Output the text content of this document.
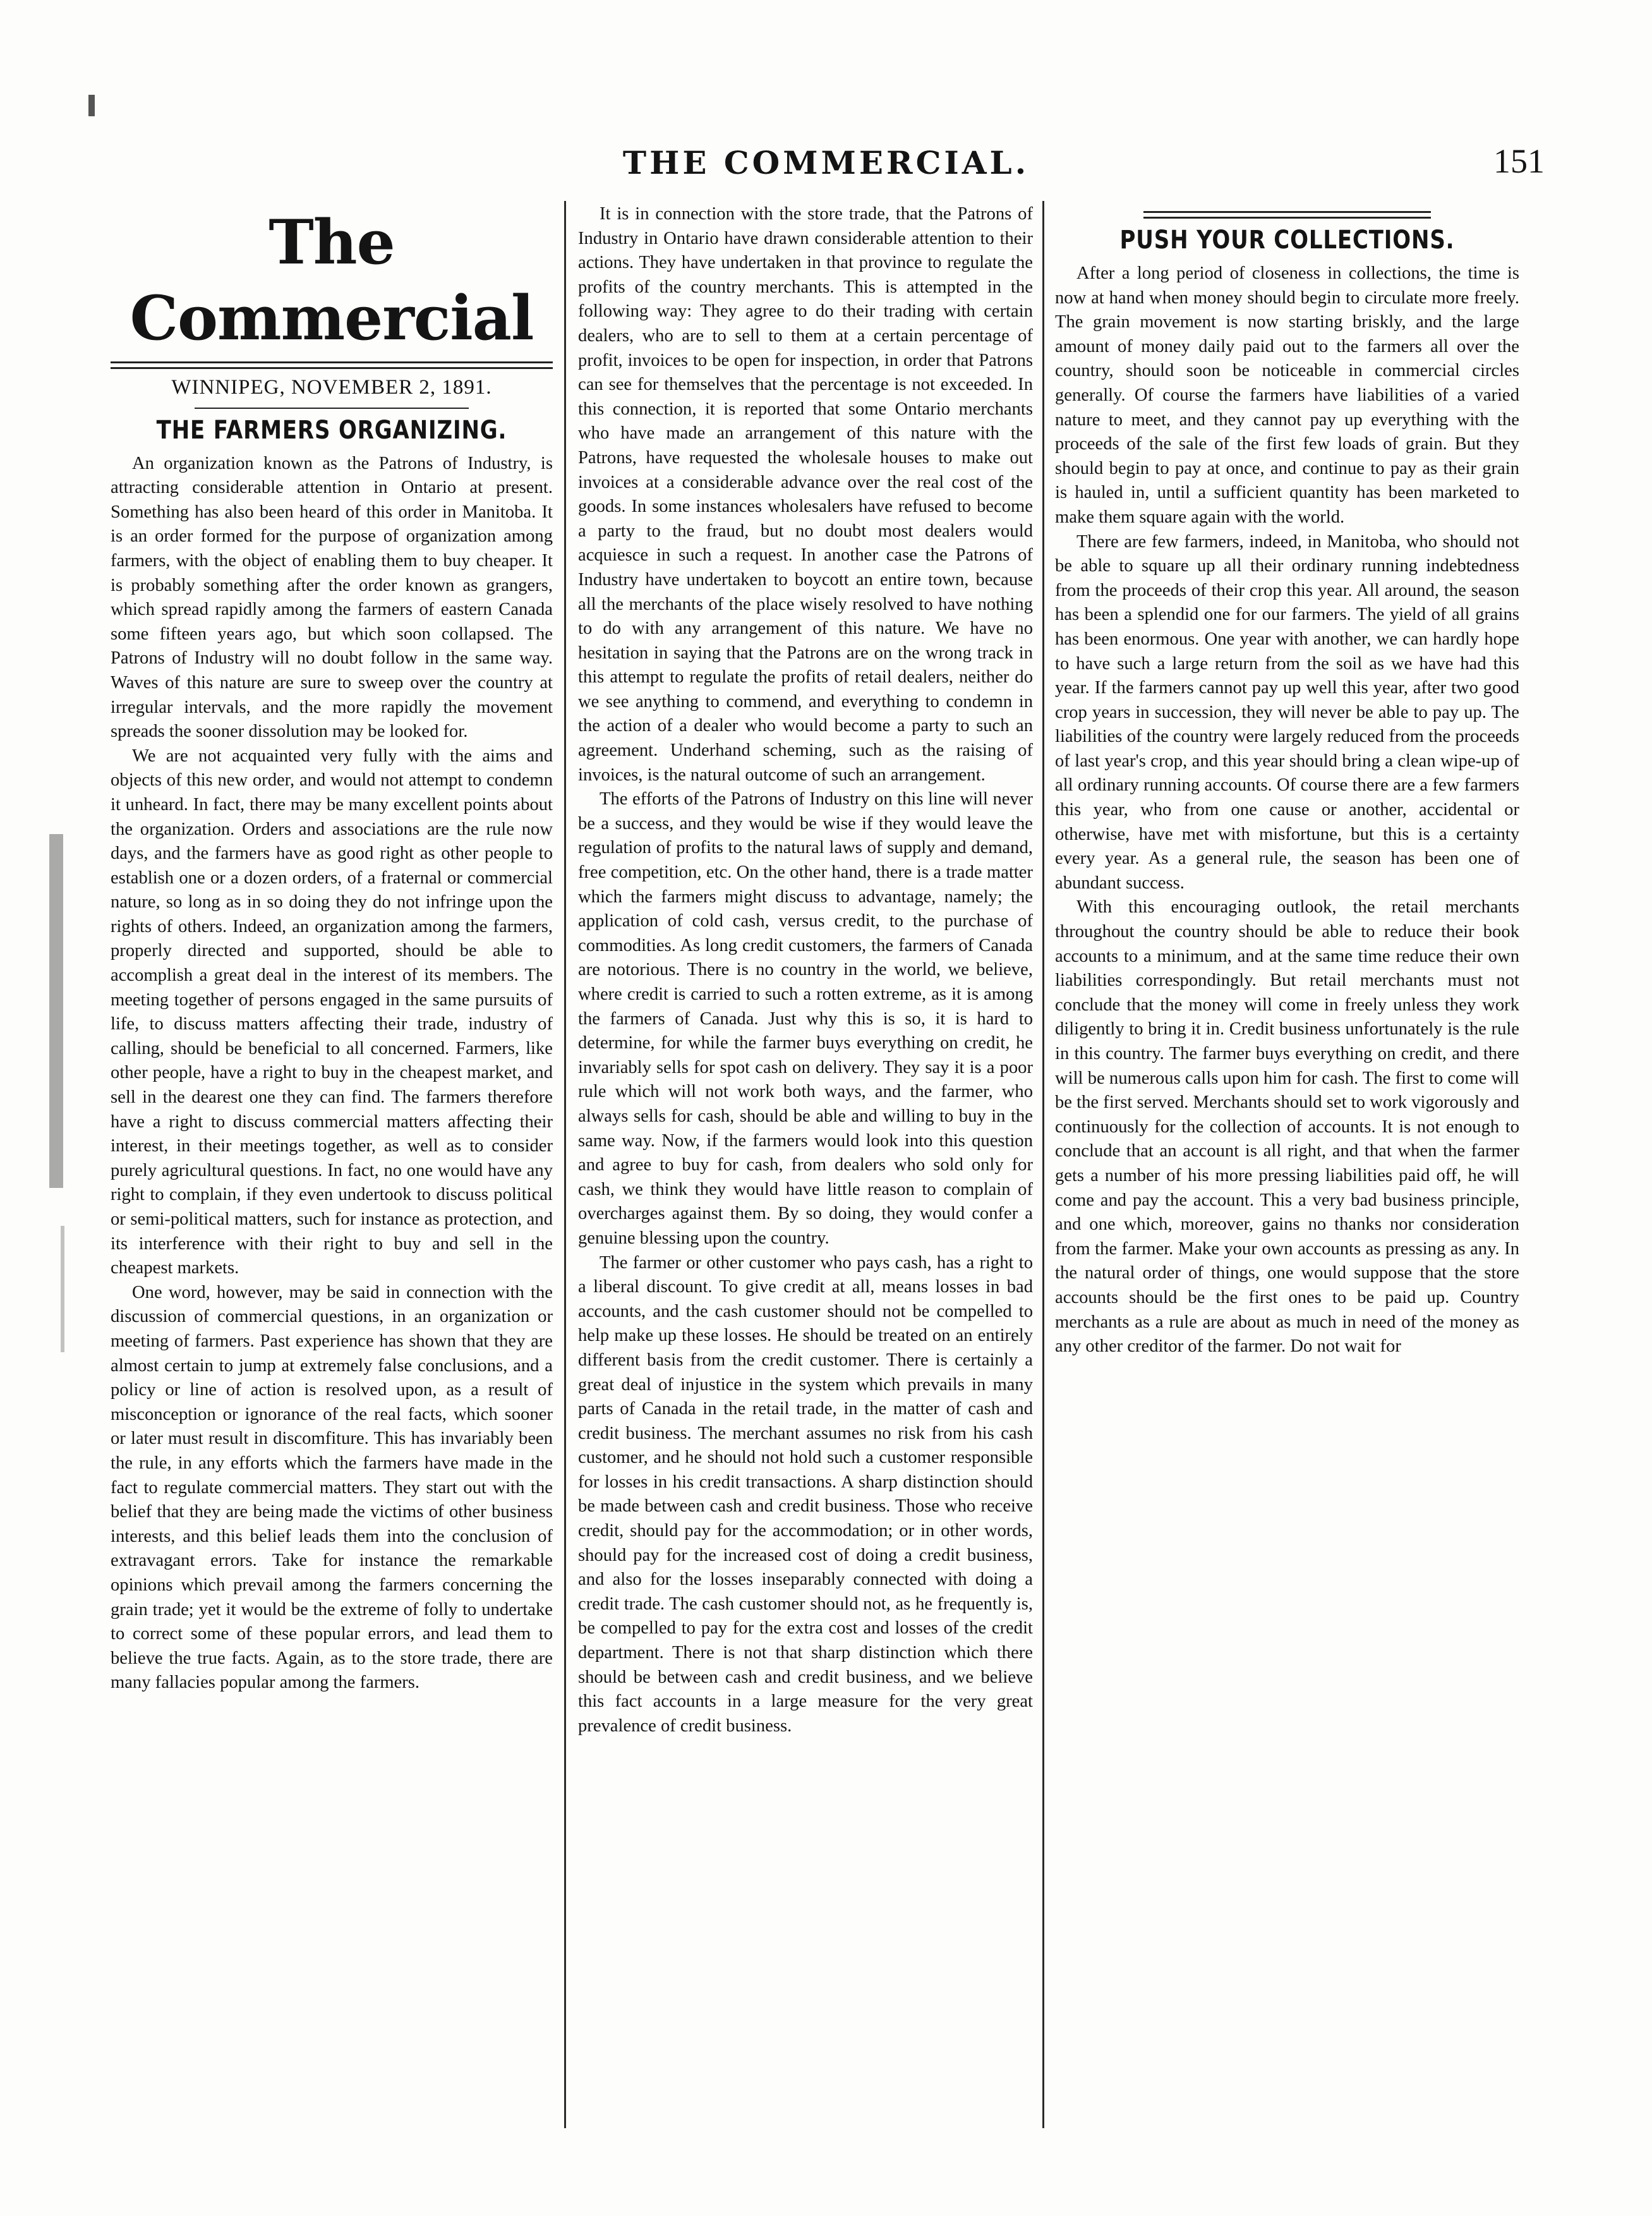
THE COMMERCIAL.	151
The Commercial
WINNIPEG, NOVEMBER 2, 1891.
THE FARMERS ORGANIZING.

An organization known as the Patrons of Industry, is attracting considerable attention in Ontario at present. Something has also been heard of this order in Manitoba. It is an order formed for the purpose of organization among farmers, with the object of enabling them to buy cheaper. It is probably something after the order known as grangers, which spread rapidly among the farmers of eastern Canada some fifteen years ago, but which soon collapsed. The Patrons of Industry will no doubt follow in the same way. Waves of this nature are sure to sweep over the country at irregular intervals, and the more rapidly the movement spreads the sooner dissolution may be looked for.

We are not acquainted very fully with the aims and objects of this new order, and would not attempt to condemn it unheard. In fact, there may be many excellent points about the organization. Orders and associations are the rule now days, and the farmers have as good right as other people to establish one or a dozen orders, of a fraternal or commercial nature, so long as in so doing they do not infringe upon the rights of others. Indeed, an organization among the farmers, properly directed and supported, should be able to accomplish a great deal in the interest of its members. The meeting together of persons engaged in the same pursuits of life, to discuss matters affecting their trade, industry of calling, should be beneficial to all concerned. Farmers, like other people, have a right to buy in the cheapest market, and sell in the dearest one they can find. The farmers therefore have a right to discuss commercial matters affecting their interest, in their meetings together, as well as to consider purely agricultural questions. In fact, no one would have any right to complain, if they even undertook to discuss political or semi-political matters, such for instance as protection, and its interference with their right to buy and sell in the cheapest markets.

One word, however, may be said in connection with the discussion of commercial questions, in an organization or meeting of farmers. Past experience has shown that they are almost certain to jump at extremely false conclusions, and a policy or line of action is resolved upon, as a result of misconception or ignorance of the real facts, which sooner or later must result in discomfiture. This has invariably been the rule, in any efforts which the farmers have made in the fact to regulate commercial matters. They start out with the belief that they are being made the victims of other business interests, and this belief leads them into the conclusion of extravagant errors. Take for instance the remarkable opinions which prevail among the farmers concerning the grain trade; yet it would be the extreme of folly to undertake to correct some of these popular errors, and lead them to believe the true facts. Again, as to the store trade, there are many fallacies popular among the farmers.

It is in connection with the store trade, that the Patrons of Industry in Ontario have drawn considerable attention to their actions. They have undertaken in that province to regulate the profits of the country merchants. This is attempted in the following way: They agree to do their trading with certain dealers, who are to sell to them at a certain percentage of profit, invoices to be open for inspection, in order that Patrons can see for themselves that the percentage is not exceeded. In this connection, it is reported that some Ontario merchants who have made an arrangement of this nature with the Patrons, have requested the wholesale houses to make out invoices at a considerable advance over the real cost of the goods. In some instances wholesalers have refused to become a party to the fraud, but no doubt most dealers would acquiesce in such a request. In another case the Patrons of Industry have undertaken to boycott an entire town, because all the merchants of the place wisely resolved to have nothing to do with any arrangement of this nature. We have no hesitation in saying that the Patrons are on the wrong track in this attempt to regulate the profits of retail dealers, neither do we see anything to commend, and everything to condemn in the action of a dealer who would become a party to such an agreement. Underhand scheming, such as the raising of invoices, is the natural outcome of such an arrangement.

The efforts of the Patrons of Industry on this line will never be a success, and they would be wise if they would leave the regulation of profits to the natural laws of supply and demand, free competition, etc. On the other hand, there is a trade matter which the farmers might discuss to advantage, namely; the application of cold cash, versus credit, to the purchase of commodities. As long credit customers, the farmers of Canada are notorious. There is no country in the world, we believe, where credit is carried to such a rotten extreme, as it is among the farmers of Canada. Just why this is so, it is hard to determine, for while the farmer buys everything on credit, he invariably sells for spot cash on delivery. They say it is a poor rule which will not work both ways, and the farmer, who always sells for cash, should be able and willing to buy in the same way. Now, if the farmers would look into this question and agree to buy for cash, from dealers who sold only for cash, we think they would have little reason to complain of overcharges against them. By so doing, they would confer a genuine blessing upon the country.

The farmer or other customer who pays cash, has a right to a liberal discount. To give credit at all, means losses in bad accounts, and the cash customer should not be compelled to help make up these losses. He should be treated on an entirely different basis from the credit customer. There is certainly a great deal of injustice in the system which prevails in many parts of Canada in the retail trade, in the matter of cash and credit business. The merchant assumes no risk from his cash customer, and he should not hold such a customer responsible for losses in his credit transactions. A sharp distinction should be made between cash and credit business. Those who receive credit, should pay for the accommodation; or in other words, should pay for the increased cost of doing a credit business, and also for the losses inseparably connected with doing a credit trade. The cash customer should not, as he frequently is, be compelled to pay for the extra cost and losses of the credit department. There is not that sharp distinction which there should be between cash and credit business, and we believe this fact accounts in a large measure for the very great prevalence of credit business.

PUSH YOUR COLLECTIONS.

After a long period of closeness in collections, the time is now at hand when money should begin to circulate more freely. The grain movement is now starting briskly, and the large amount of money daily paid out to the farmers all over the country, should soon be noticeable in commercial circles generally. Of course the farmers have liabilities of a varied nature to meet, and they cannot pay up everything with the proceeds of the sale of the first few loads of grain. But they should begin to pay at once, and continue to pay as their grain is hauled in, until a sufficient quantity has been marketed to make them square again with the world.

There are few farmers, indeed, in Manitoba, who should not be able to square up all their ordinary running indebtedness from the proceeds of their crop this year. All around, the season has been a splendid one for our farmers. The yield of all grains has been enormous. One year with another, we can hardly hope to have such a large return from the soil as we have had this year. If the farmers cannot pay up well this year, after two good crop years in succession, they will never be able to pay up. The liabilities of the country were largely reduced from the proceeds of last year's crop, and this year should bring a clean wipe-up of all ordinary running accounts. Of course there are a few farmers this year, who from one cause or another, accidental or otherwise, have met with misfortune, but this is a certainty every year. As a general rule, the season has been one of abundant success.

With this encouraging outlook, the retail merchants throughout the country should be able to reduce their book accounts to a minimum, and at the same time reduce their own liabilities correspondingly. But retail merchants must not conclude that the money will come in freely unless they work diligently to bring it in. Credit business unfortunately is the rule in this country. The farmer buys everything on credit, and there will be numerous calls upon him for cash. The first to come will be the first served. Merchants should set to work vigorously and continuously for the collection of accounts. It is not enough to conclude that an account is all right, and that when the farmer gets a number of his more pressing liabilities paid off, he will come and pay the account. This a very bad business principle, and one which, moreover, gains no thanks nor consideration from the farmer. Make your own accounts as pressing as any. In the natural order of things, one would suppose that the store accounts should be the first ones to be paid up. Country merchants as a rule are about as much in need of the money as any other creditor of the farmer. Do not wait for
